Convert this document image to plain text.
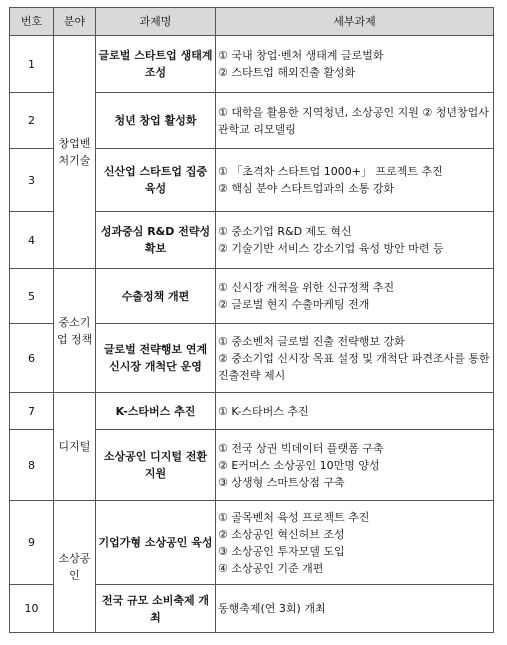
번호	분야	과제명	세부과제
1	창업벤처기술	글로벌 스타트업 생태계 조성	① 국내 창업·벤처 생태계 글로벌화
② 스타트업 해외진출 활성화

2		청년 창업 활성화	① 대학을 활용한 지역청년, 소상공인 지원 ② 청년창업사관학교 리모델링

3		신산업 스타트업 집중 육성	① 「초격차 스타트업 1000+」 프로젝트 추진
② 핵심 분야 스타트업과의 소통 강화

4		성과중심 R&D 전략성 확보	① 중소기업 R&D 제도 혁신
② 기술기반 서비스 강소기업 육성 방안 마련 등

5	중소기업 정책	수출정책 개편	① 신시장 개척을 위한 신규정책 추진
② 글로벌 현지 수출마케팅 전개

6		글로벌 전략행보 연계 신시장 개척단 운영	① 중소벤처 글로벌 진출 전략행보 강화
② 중소기업 신시장 목표 설정 및 개척단 파견조사를 통한 진출전략 제시

7	디지털	K-스타버스 추진	① K-스타버스 추진

8		소상공인 디지털 전환 지원	① 전국 상권 빅데이터 플랫폼 구축
② E커머스 소상공인 10만명 양성
③ 상생형 스마트상점 구축

9	소상공인	기업가형 소상공인 육성	① 골목벤처 육성 프로젝트 추진
② 소상공인 혁신허브 조성
③ 소상공인 투자모델 도입
④ 소상공인 기준 개편

10		전국 규모 소비축제 개최	동행축제(연 3회) 개최
